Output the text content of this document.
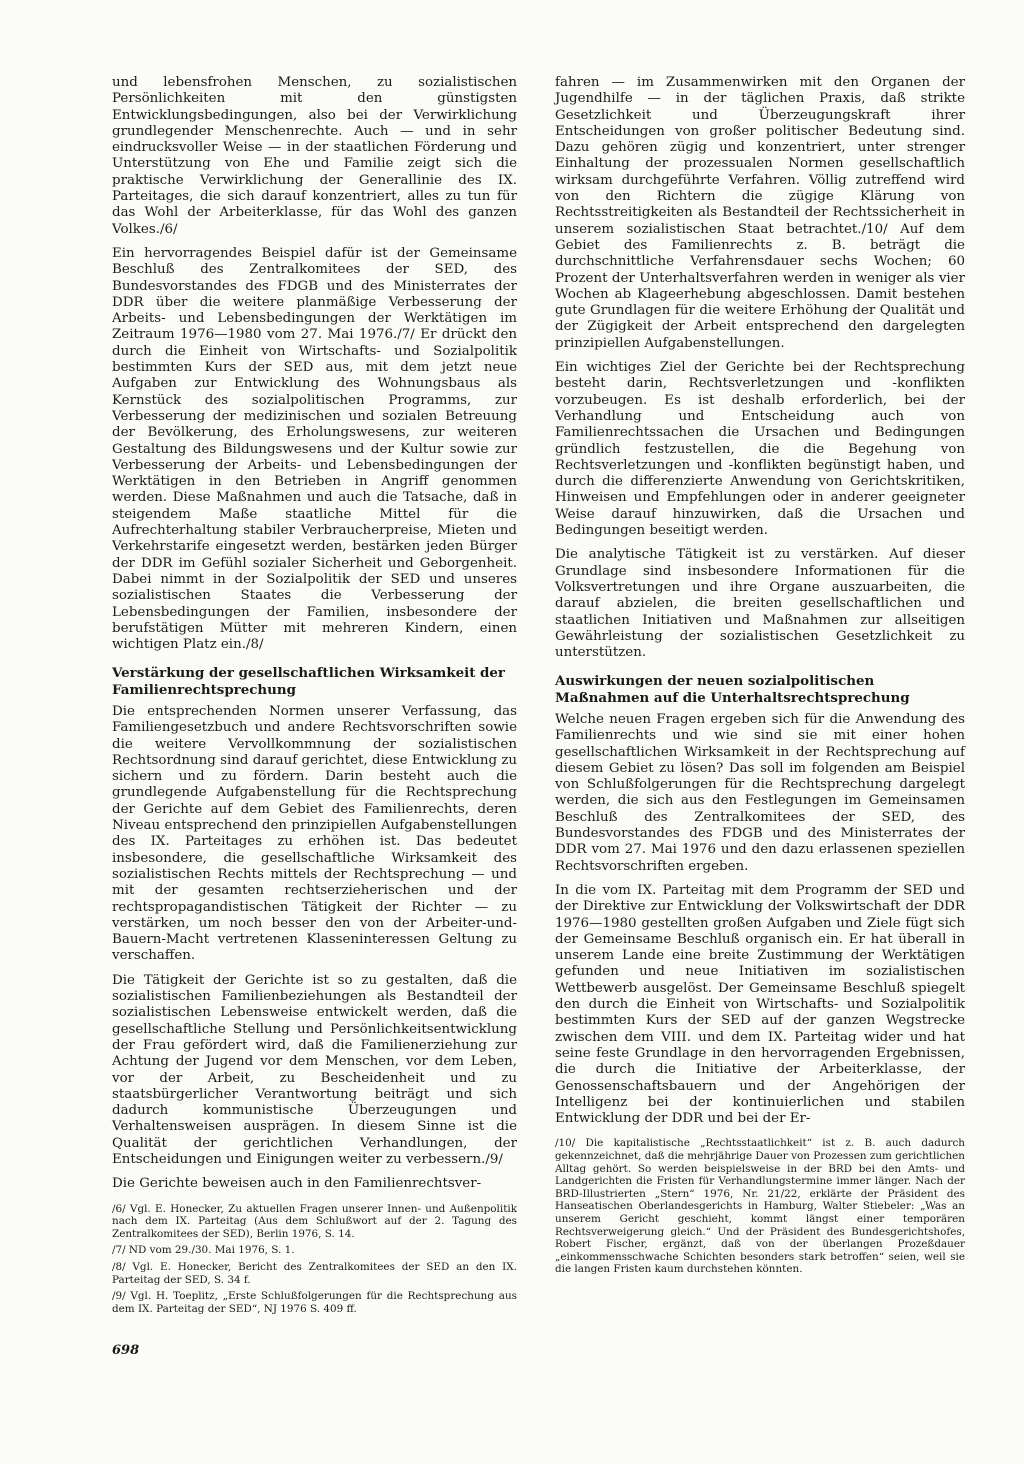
und lebensfrohen Menschen, zu sozialistischen Persönlichkeiten mit den günstigsten Entwicklungsbedingungen, also bei der Verwirklichung grundlegender Menschenrechte. Auch — und in sehr eindrucksvoller Weise — in der staatlichen Förderung und Unterstützung von Ehe und Familie zeigt sich die praktische Verwirklichung der Generallinie des IX. Parteitages, die sich darauf konzentriert, alles zu tun für das Wohl der Arbeiterklasse, für das Wohl des ganzen Volkes./6/

Ein hervorragendes Beispiel dafür ist der Gemeinsame Beschluß des Zentralkomitees der SED, des Bundesvorstandes des FDGB und des Ministerrates der DDR über die weitere planmäßige Verbesserung der Arbeits- und Lebensbedingungen der Werktätigen im Zeitraum 1976—1980 vom 27. Mai 1976./7/ Er drückt den durch die Einheit von Wirtschafts- und Sozialpolitik bestimmten Kurs der SED aus, mit dem jetzt neue Aufgaben zur Entwicklung des Wohnungsbaus als Kernstück des sozialpolitischen Programms, zur Verbesserung der medizinischen und sozialen Betreuung der Bevölkerung, des Erholungswesens, zur weiteren Gestaltung des Bildungswesens und der Kultur sowie zur Verbesserung der Arbeits- und Lebensbedingungen der Werktätigen in den Betrieben in Angriff genommen werden. Diese Maßnahmen und auch die Tatsache, daß in steigendem Maße staatliche Mittel für die Aufrechterhaltung stabiler Verbraucherpreise, Mieten und Verkehrstarife eingesetzt werden, bestärken jeden Bürger der DDR im Gefühl sozialer Sicherheit und Geborgenheit. Dabei nimmt in der Sozialpolitik der SED und unseres sozialistischen Staates die Verbesserung der Lebensbedingungen der Familien, insbesondere der berufstätigen Mütter mit mehreren Kindern, einen wichtigen Platz ein./8/

Verstärkung der gesellschaftlichen Wirksamkeit der Familienrechtsprechung

Die entsprechenden Normen unserer Verfassung, das Familiengesetzbuch und andere Rechtsvorschriften sowie die weitere Vervollkommnung der sozialistischen Rechtsordnung sind darauf gerichtet, diese Entwicklung zu sichern und zu fördern. Darin besteht auch die grundlegende Aufgabenstellung für die Rechtsprechung der Gerichte auf dem Gebiet des Familienrechts, deren Niveau entsprechend den prinzipiellen Aufgabenstellungen des IX. Parteitages zu erhöhen ist. Das bedeutet insbesondere, die gesellschaftliche Wirksamkeit des sozialistischen Rechts mittels der Rechtsprechung — und mit der gesamten rechtserzieherischen und der rechtspropagandistischen Tätigkeit der Richter — zu verstärken, um noch besser den von der Arbeiter-und-Bauern-Macht vertretenen Klasseninteressen Geltung zu verschaffen.

Die Tätigkeit der Gerichte ist so zu gestalten, daß die sozialistischen Familienbeziehungen als Bestandteil der sozialistischen Lebensweise entwickelt werden, daß die gesellschaftliche Stellung und Persönlichkeitsentwicklung der Frau gefördert wird, daß die Familienerziehung zur Achtung der Jugend vor dem Menschen, vor dem Leben, vor der Arbeit, zu Bescheidenheit und zu staatsbürgerlicher Verantwortung beiträgt und sich dadurch kommunistische Überzeugungen und Verhaltensweisen ausprägen. In diesem Sinne ist die Qualität der gerichtlichen Verhandlungen, der Entscheidungen und Einigungen weiter zu verbessern./9/

Die Gerichte beweisen auch in den Familienrechtsver-

/6/ Vgl. E. Honecker, Zu aktuellen Fragen unserer Innen- und Außenpolitik nach dem IX. Parteitag (Aus dem Schlußwort auf der 2. Tagung des Zentralkomitees der SED), Berlin 1976, S. 14.

/7/ ND vom 29./30. Mai 1976, S. 1.

/8/ Vgl. E. Honecker, Bericht des Zentralkomitees der SED an den IX. Parteitag der SED, S. 34 f.

/9/ Vgl. H. Toeplitz, „Erste Schlußfolgerungen für die Rechtsprechung aus dem IX. Parteitag der SED“, NJ 1976 S. 409 ff.

fahren — im Zusammenwirken mit den Organen der Jugendhilfe — in der täglichen Praxis, daß strikte Gesetzlichkeit und Überzeugungskraft ihrer Entscheidungen von großer politischer Bedeutung sind. Dazu gehören zügig und konzentriert, unter strenger Einhaltung der prozessualen Normen gesellschaftlich wirksam durchgeführte Verfahren. Völlig zutreffend wird von den Richtern die zügige Klärung von Rechtsstreitigkeiten als Bestandteil der Rechtssicherheit in unserem sozialistischen Staat betrachtet./10/ Auf dem Gebiet des Familienrechts z. B. beträgt die durchschnittliche Verfahrensdauer sechs Wochen; 60 Prozent der Unterhaltsverfahren werden in weniger als vier Wochen ab Klageerhebung abgeschlossen. Damit bestehen gute Grundlagen für die weitere Erhöhung der Qualität und der Zügigkeit der Arbeit entsprechend den dargelegten prinzipiellen Aufgabenstellungen.

Ein wichtiges Ziel der Gerichte bei der Rechtsprechung besteht darin, Rechtsverletzungen und -konflikten vorzubeugen. Es ist deshalb erforderlich, bei der Verhandlung und Entscheidung auch von Familienrechtssachen die Ursachen und Bedingungen gründlich festzustellen, die die Begehung von Rechtsverletzungen und -konflikten begünstigt haben, und durch die differenzierte Anwendung von Gerichtskritiken, Hinweisen und Empfehlungen oder in anderer geeigneter Weise darauf hinzuwirken, daß die Ursachen und Bedingungen beseitigt werden.

Die analytische Tätigkeit ist zu verstärken. Auf dieser Grundlage sind insbesondere Informationen für die Volksvertretungen und ihre Organe auszuarbeiten, die darauf abzielen, die breiten gesellschaftlichen und staatlichen Initiativen und Maßnahmen zur allseitigen Gewährleistung der sozialistischen Gesetzlichkeit zu unterstützen.

Auswirkungen der neuen sozialpolitischen Maßnahmen auf die Unterhaltsrechtsprechung

Welche neuen Fragen ergeben sich für die Anwendung des Familienrechts und wie sind sie mit einer hohen gesellschaftlichen Wirksamkeit in der Rechtsprechung auf diesem Gebiet zu lösen? Das soll im folgenden am Beispiel von Schlußfolgerungen für die Rechtsprechung dargelegt werden, die sich aus den Festlegungen im Gemeinsamen Beschluß des Zentralkomitees der SED, des Bundesvorstandes des FDGB und des Ministerrates der DDR vom 27. Mai 1976 und den dazu erlassenen speziellen Rechtsvorschriften ergeben.

In die vom IX. Parteitag mit dem Programm der SED und der Direktive zur Entwicklung der Volkswirtschaft der DDR 1976—1980 gestellten großen Aufgaben und Ziele fügt sich der Gemeinsame Beschluß organisch ein. Er hat überall in unserem Lande eine breite Zustimmung der Werktätigen gefunden und neue Initiativen im sozialistischen Wettbewerb ausgelöst. Der Gemeinsame Beschluß spiegelt den durch die Einheit von Wirtschafts- und Sozialpolitik bestimmten Kurs der SED auf der ganzen Wegstrecke zwischen dem VIII. und dem IX. Parteitag wider und hat seine feste Grundlage in den hervorragenden Ergebnissen, die durch die Initiative der Arbeiterklasse, der Genossenschaftsbauern und der Angehörigen der Intelligenz bei der kontinuierlichen und stabilen Entwicklung der DDR und bei der Er-

/10/ Die kapitalistische „Rechtsstaatlichkeit“ ist z. B. auch dadurch gekennzeichnet, daß die mehrjährige Dauer von Prozessen zum gerichtlichen Alltag gehört. So werden beispielsweise in der BRD bei den Amts- und Landgerichten die Fristen für Verhandlungstermine immer länger. Nach der BRD-Illustrierten „Stern“ 1976, Nr. 21/22, erklärte der Präsident des Hanseatischen Oberlandesgerichts in Hamburg, Walter Stiebeler: „Was an unserem Gericht geschieht, kommt längst einer temporären Rechtsverweigerung gleich.“ Und der Präsident des Bundesgerichtshofes, Robert Fischer, ergänzt, daß von der überlangen Prozeßdauer „einkommensschwache Schichten besonders stark betroffen“ seien, weil sie die langen Fristen kaum durchstehen könnten.

698
